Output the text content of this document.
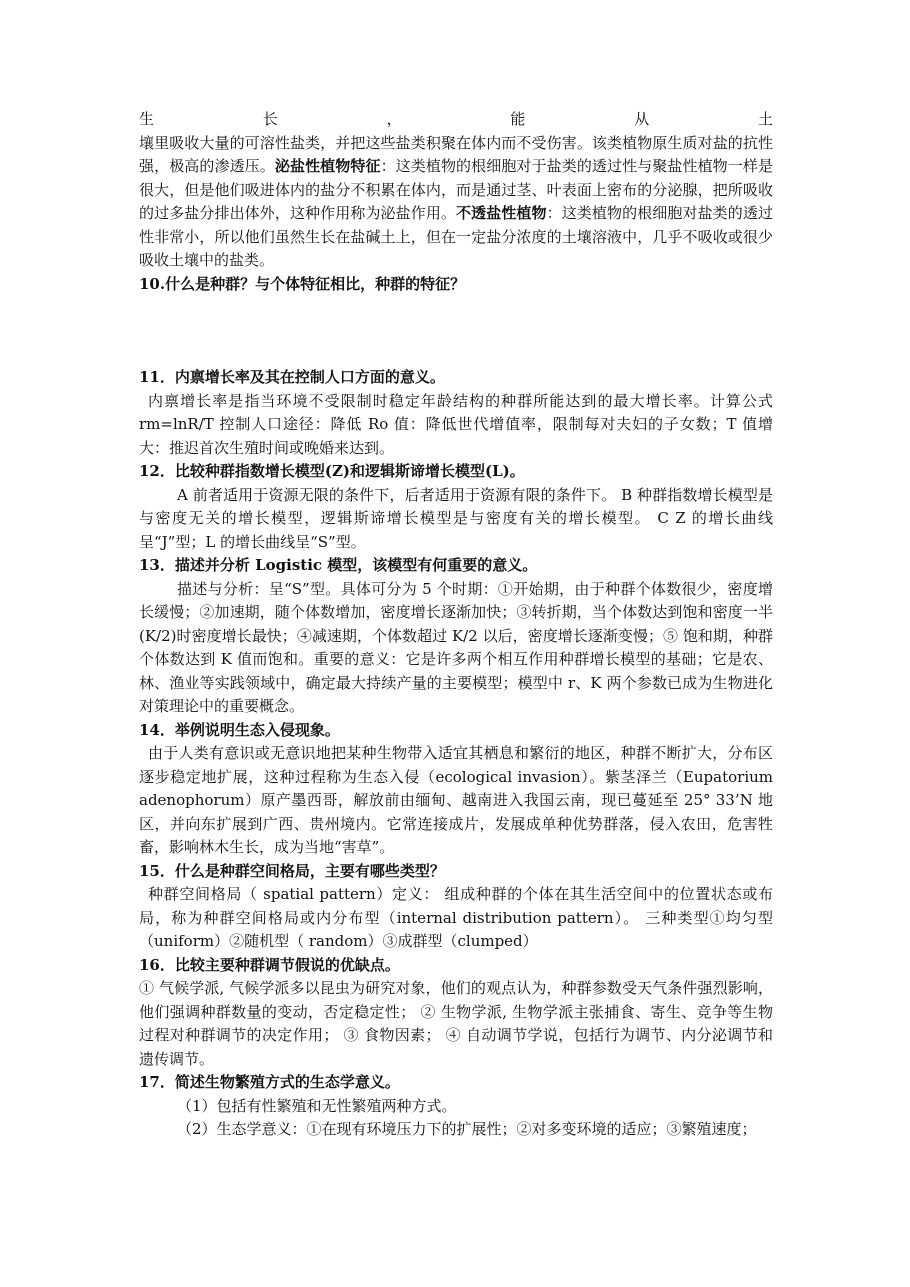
生长，能从土

壤里吸收大量的可溶性盐类，并把这些盐类积聚在体内而不受伤害。该类植物原生质对盐的抗性强，极高的渗透压。泌盐性植物特征：这类植物的根细胞对于盐类的透过性与聚盐性植物一样是很大，但是他们吸进体内的盐分不积累在体内，而是通过茎、叶表面上密布的分泌腺，把所吸收的过多盐分排出体外，这种作用称为泌盐作用。不透盐性植物：这类植物的根细胞对盐类的透过性非常小，所以他们虽然生长在盐碱土上，但在一定盐分浓度的土壤溶液中，几乎不吸收或很少吸收土壤中的盐类。

10.什么是种群？与个体特征相比，种群的特征？

11．内禀增长率及其在控制人口方面的意义。

内禀增长率是指当环境不受限制时稳定年龄结构的种群所能达到的最大增长率。计算公式 rm=lnR/T 控制人口途径：降低 Ro 值：降低世代增值率，限制每对夫妇的子女数；T 值增大：推迟首次生殖时间或晚婚来达到。

12．比较种群指数增长模型(Z)和逻辑斯谛增长模型(L)。

A 前者适用于资源无限的条件下，后者适用于资源有限的条件下。 B 种群指数增长模型是与密度无关的增长模型，逻辑斯谛增长模型是与密度有关的增长模型。 C Z 的增长曲线呈“J”型；L 的增长曲线呈“S”型。

13．描述并分析 Logistic 模型，该模型有何重要的意义。

描述与分析：呈“S”型。具体可分为 5 个时期：①开始期，由于种群个体数很少，密度增长缓慢；②加速期，随个体数增加，密度增长逐渐加快；③转折期，当个体数达到饱和密度一半(K/2)时密度增长最快；④减速期，个体数超过 K/2 以后，密度增长逐渐变慢；⑤ 饱和期，种群个体数达到 K 值而饱和。重要的意义：它是许多两个相互作用种群增长模型的基础；它是农、林、渔业等实践领域中，确定最大持续产量的主要模型；模型中 r、K 两个参数已成为生物进化对策理论中的重要概念。

14．举例说明生态入侵现象。

由于人类有意识或无意识地把某种生物带入适宜其栖息和繁衍的地区，种群不断扩大，分布区逐步稳定地扩展，这种过程称为生态入侵（ecological invasion）。紫茎泽兰（Eupatorium adenophorum）原产墨西哥，解放前由缅甸、越南进入我国云南，现已蔓延至 25° 33’N 地区，并向东扩展到广西、贵州境内。它常连接成片，发展成单种优势群落，侵入农田，危害牲畜，影响林木生长，成为当地“害草”。

15．什么是种群空间格局，主要有哪些类型？

种群空间格局（ spatial pattern）定义： 组成种群的个体在其生活空间中的位置状态或布局，称为种群空间格局或内分布型（internal distribution pattern）。 三种类型①均匀型（uniform）②随机型（ random）③成群型（clumped）

16．比较主要种群调节假说的优缺点。

① 气候学派, 气候学派多以昆虫为研究对象，他们的观点认为，种群参数受天气条件强烈影响，他们强调种群数量的变动，否定稳定性； ② 生物学派, 生物学派主张捕食、寄生、竞争等生物过程对种群调节的决定作用； ③ 食物因素； ④ 自动调节学说，包括行为调节、内分泌调节和遗传调节。

17．简述生物繁殖方式的生态学意义。

（1）包括有性繁殖和无性繁殖两种方式。

（2）生态学意义：①在现有环境压力下的扩展性；②对多变环境的适应；③繁殖速度；
